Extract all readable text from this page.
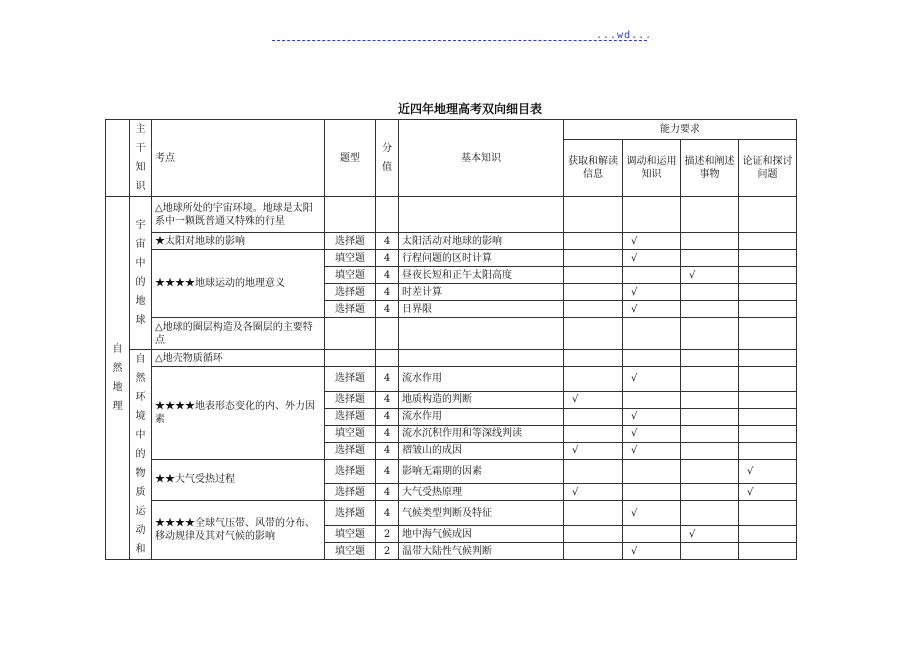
...wd...
近四年地理高考双向细目表
	主干知识	考点	题型	分值	基本知识	能力要求			
						获取和解读信息	调动和运用知识	描述和阐述事物	论证和探讨问题
自然地理	宇宙中的地球	△地球所处的宇宙环境。地球是太阳系中一颗既普通又特殊的行星							
		★太阳对地球的影响	选择题	4	太阳活动对地球的影响		√		
		★★★★地球运动的地理意义	填空题	4	行程问题的区时计算		√		
			填空题	4	昼夜长短和正午太阳高度			√	
			选择题	4	时差计算		√		
			选择题	4	日界限		√		
		△地球的圈层构造及各圈层的主要特点							
	自然环境中的物质运动和	△地壳物质循环							
		★★★★地表形态变化的内、外力因素	选择题	4	流水作用		√		
			选择题	4	地质构造的判断	√			
			选择题	4	流水作用		√		
			填空题	4	流水沉积作用和等深线判读		√		
			选择题	4	褶皱山的成因	√	√		
		★★大气受热过程	选择题	4	影响无霜期的因素				√
			选择题	4	大气受热原理	√			√
		★★★★全球气压带、风带的分布、移动规律及其对气候的影响	选择题	4	气候类型判断及特征		√		
			填空题	2	地中海气候成因			√	
			填空题	2	温带大陆性气候判断		√		
